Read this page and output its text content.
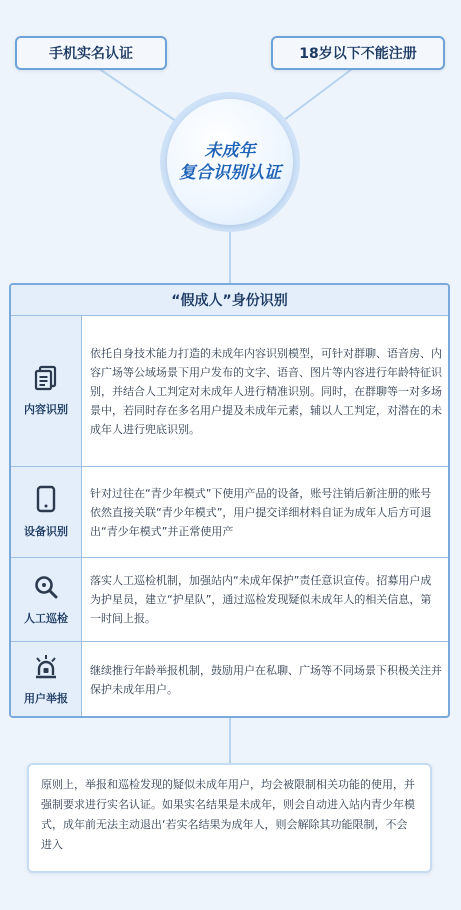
手机实名认证	18岁以下不能注册
未成年
复合识别认证
“假成人”身份识别
内容识别
依托自身技术能力打造的未成年内容识别模型，可针对群聊、语音房、内容广场等公域场景下用户发布的文字、语音、图片等内容进行年龄特征识别，并结合人工判定对未成年人进行精准识别。同时，在群聊等一对多场景中，若同时存在多名用户提及未成年元素，辅以人工判定，对潜在的未成年人进行兜底识别。
设备识别
针对过往在“青少年模式”下使用产品的设备，账号注销后新注册的账号依然直接关联“青少年模式”，用户提交详细材料自证为成年人后方可退出“青少年模式”并正常使用产
人工巡检
落实人工巡检机制，加强站内“未成年保护”责任意识宣传。招募用户成为护星员，建立“护星队”，通过巡检发现疑似未成年人的相关信息，第一时间上报。
用户举报
继续推行年龄举报机制，鼓励用户在私聊、广场等不同场景下积极关注并保护未成年用户。
原则上，举报和巡检发现的疑似未成年用户，均会被限制相关功能的使用，并强制要求进行实名认证。如果实名结果是未成年，则会自动进入站内青少年模式，成年前无法主动退出‘若实名结果为成年人，则会解除其功能限制，不会进入
